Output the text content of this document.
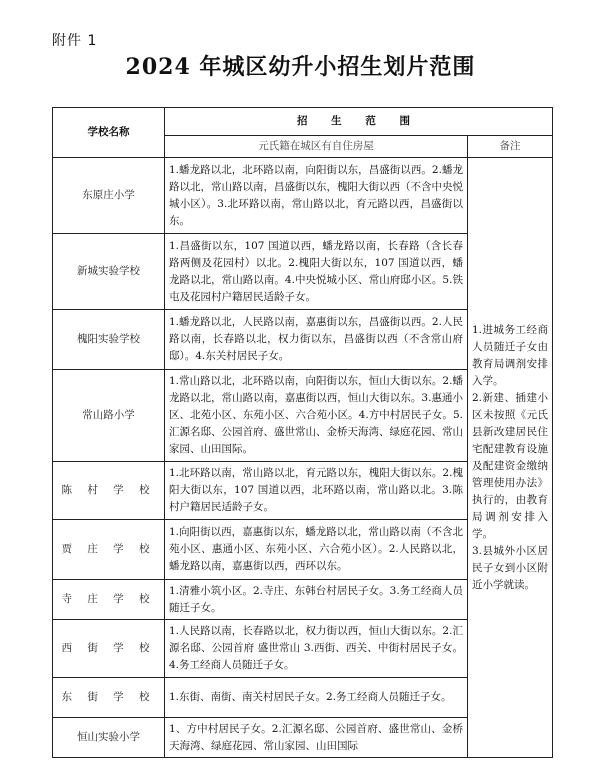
附件 1
2024 年城区幼升小招生划片范围
学校名称	招 生 范 围	
	元氏籍在城区有自住房屋	备注
东原庄小学	1.蟠龙路以北，北环路以南，向阳街以东，昌盛街以西。2.蟠龙路以北，常山路以南，昌盛街以东，槐阳大街以西（不含中央悦城小区）。3.北环路以南，常山路以北，育元路以西，昌盛街以东。	1.进城务工经商人员随迁子女由教育局调剂安排入学。
2.新建、插建小区未按照《元氏县新改建居民住宅配建教育设施及配建资金缴纳管理使用办法》执行的，由教育局调剂安排入学。
3.县城外小区居民子女到小区附近小学就读。

新城实验学校	1.昌盛街以东，107 国道以西，蟠龙路以南，长春路（含长春路两侧及花园村）以北。2.槐阳大街以东，107 国道以西，蟠龙路以北，常山路以南。4.中央悦城小区、常山府邸小区。5.铁屯及花园村户籍居民适龄子女。	
槐阳实验学校	1.蟠龙路以北，人民路以南，嘉惠街以东，昌盛街以西。2.人民路以南，长春路以北，权力街以东，昌盛街以西（不含常山府邸）。4.东关村居民子女。	
常山路小学	1.常山路以北，北环路以南，向阳街以东，恒山大街以东。2.蟠龙路以北，常山路以南，嘉惠街以西，恒山大街以东。3.惠通小区、北苑小区、东苑小区、六合苑小区。4.方中村居民子女。5.汇源名邸、公园首府、盛世常山、金桥天海湾、绿庭花园、常山家园、山田国际。	
陈 村 学 校	1.北环路以南，常山路以北，育元路以东，槐阳大街以东。2.槐阳大街以东，107 国道以西，北环路以南，常山路以北。3.陈村户籍居民适龄子女。	
贾 庄 学 校	1.向阳街以西，嘉惠街以东，蟠龙路以北，常山路以南（不含北苑小区、惠通小区、东苑小区、六合苑小区）。2.人民路以北，蟠龙路以南，嘉惠街以西，西环以东。	
寺 庄 学 校	1.清雅小筑小区。2.寺庄、东韩台村居民子女。3.务工经商人员随迁子女。	
西 街 学 校	1.人民路以南，长春路以北，权力街以西，恒山大街以东。2.汇源名邸、公园首府 盛世常山 3.西街、西关、中街村居民子女。4.务工经商人员随迁子女。	
东 街 学 校	1.东街、南街、南关村居民子女。2.务工经商人员随迁子女。	
恒山实验小学	1、方中村居民子女。2.汇源名邸、公园首府、盛世常山、金桥天海湾、绿庭花园、常山家园、山田国际	
